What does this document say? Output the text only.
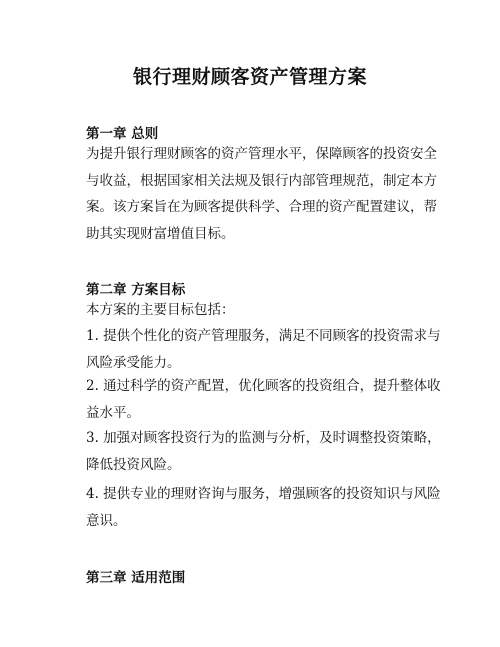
银行理财顾客资产管理方案
第一章 总则

为提升银行理财顾客的资产管理水平，保障顾客的投资安全与收益，根据国家相关法规及银行内部管理规范，制定本方案。该方案旨在为顾客提供科学、合理的资产配置建议，帮助其实现财富增值目标。

第二章 方案目标

本方案的主要目标包括：

1. 提供个性化的资产管理服务，满足不同顾客的投资需求与风险承受能力。

2. 通过科学的资产配置，优化顾客的投资组合，提升整体收益水平。

3. 加强对顾客投资行为的监测与分析，及时调整投资策略，降低投资风险。

4. 提供专业的理财咨询与服务，增强顾客的投资知识与风险意识。

第三章 适用范围
